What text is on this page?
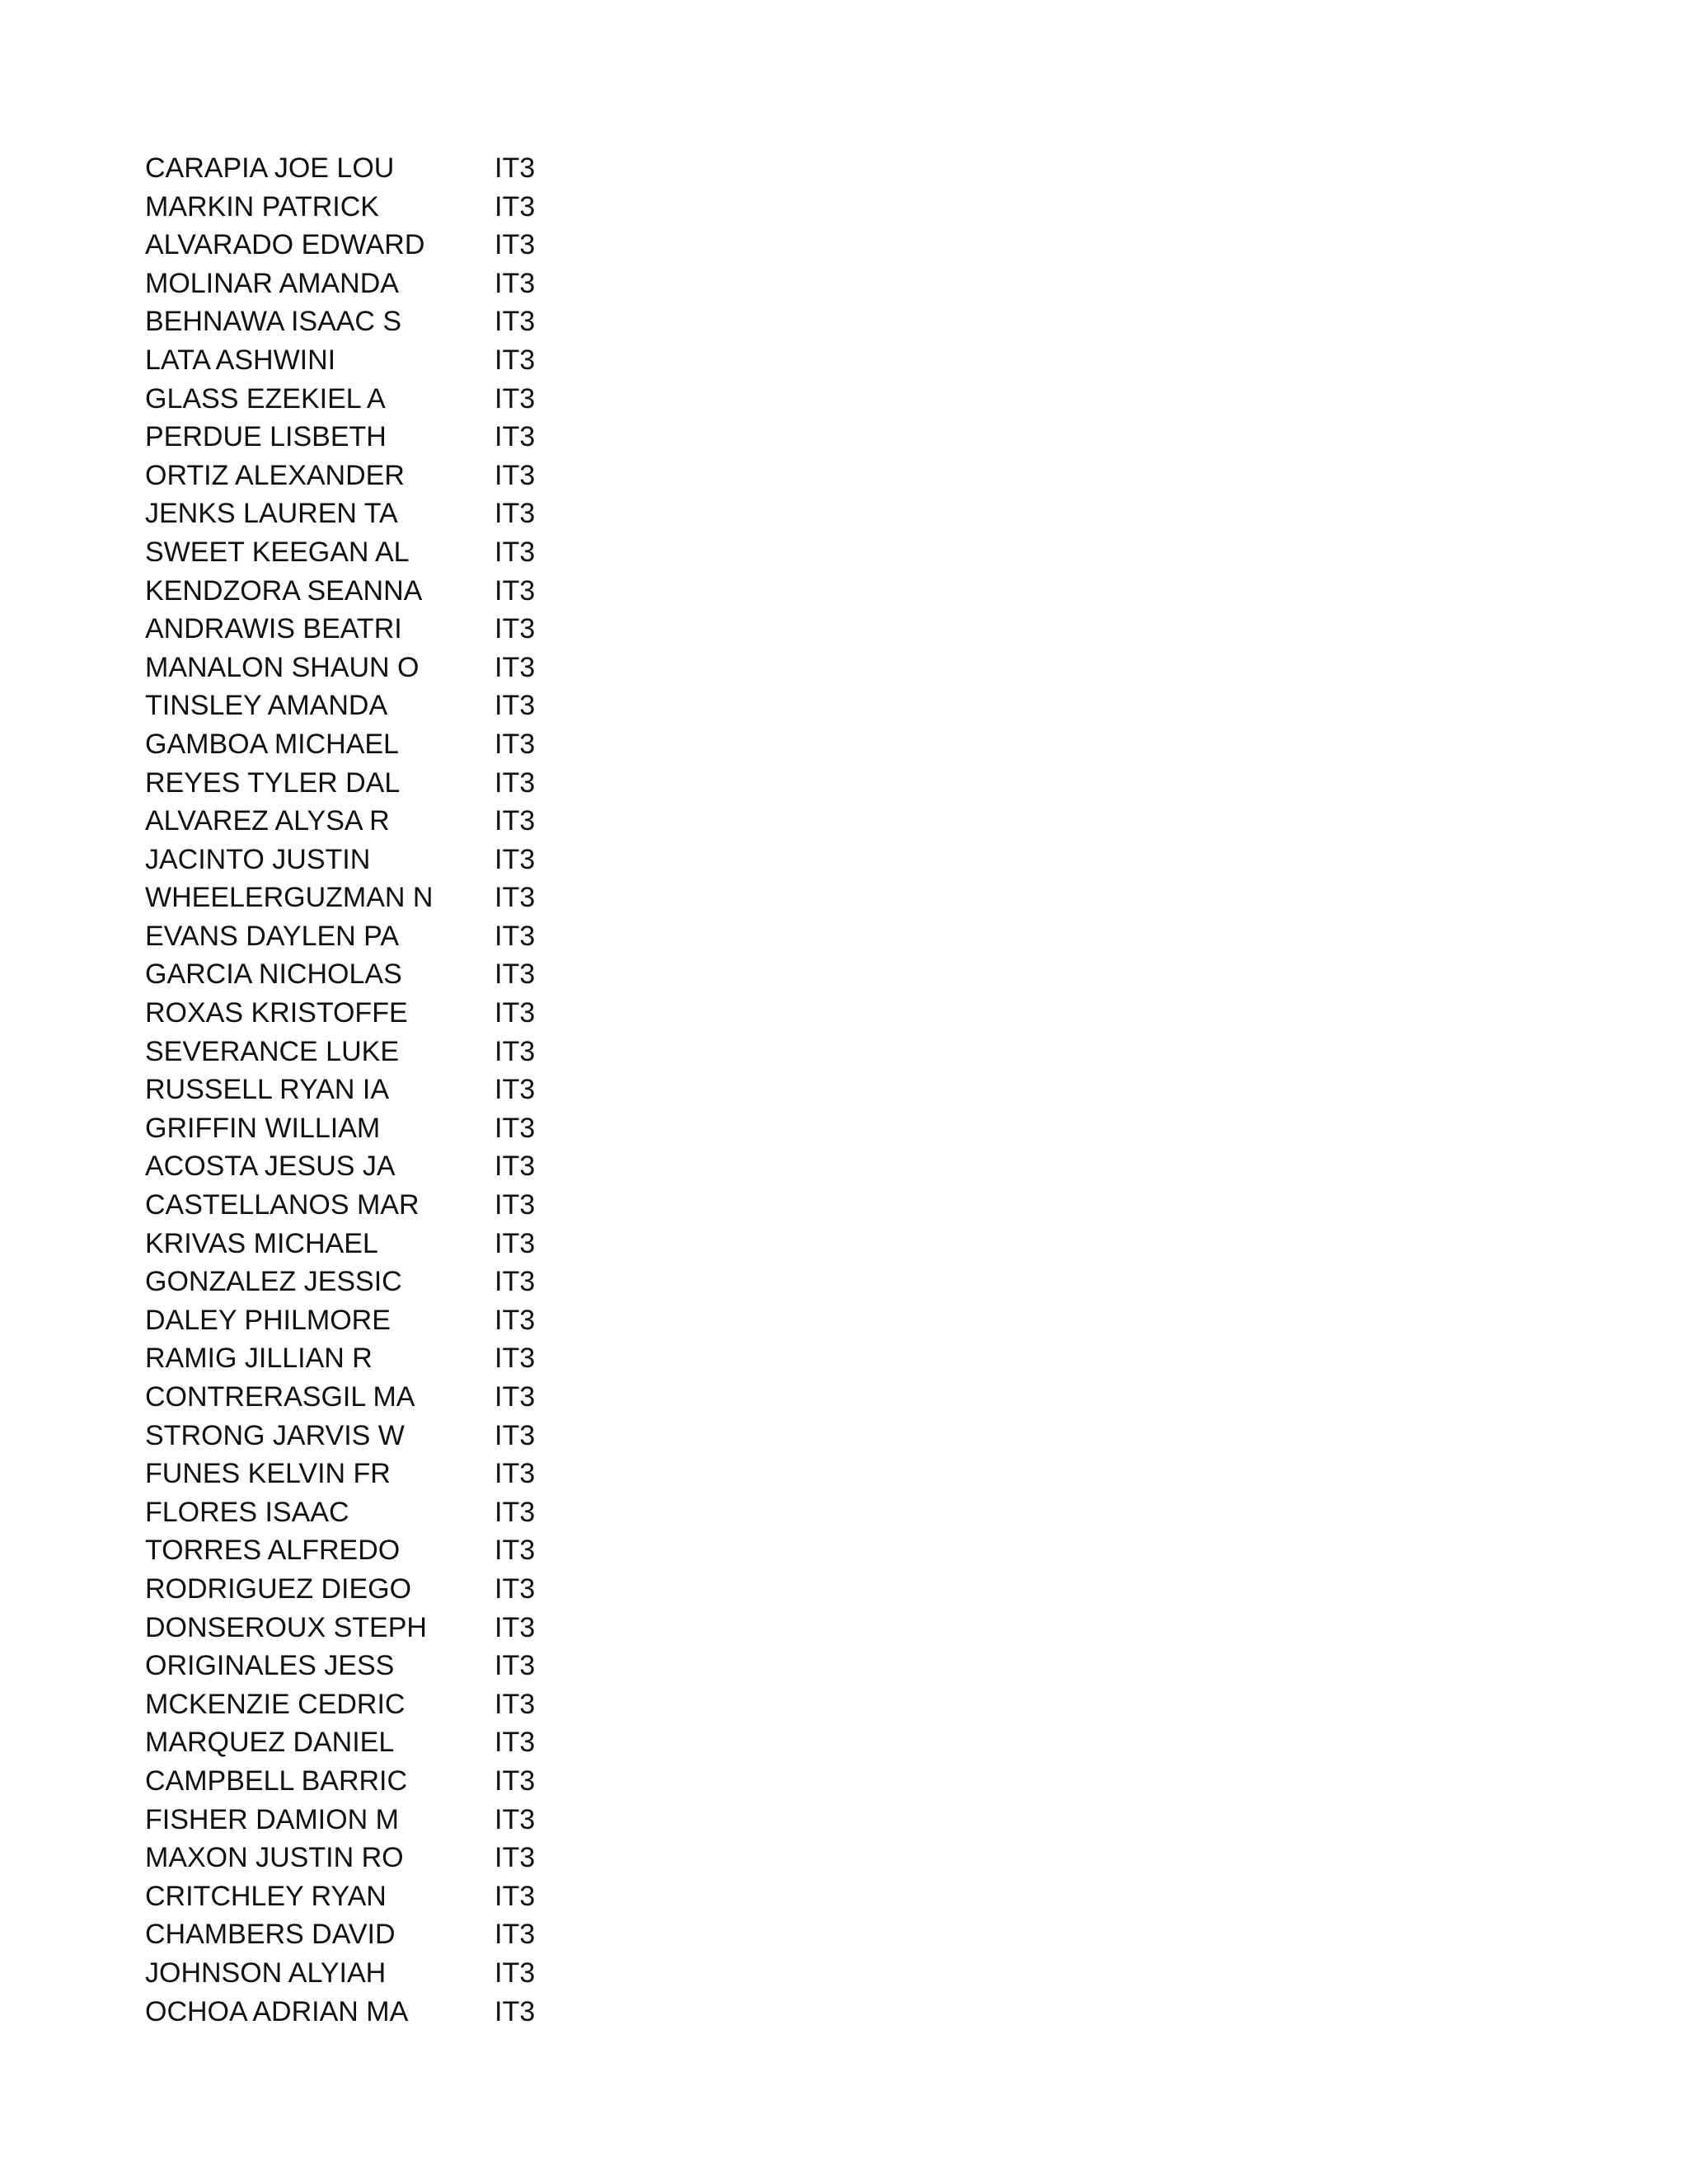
CARAPIA JOE LOU	IT3
MARKIN PATRICK	IT3
ALVARADO EDWARD IT3
MOLINAR AMANDA	IT3
BEHNAWA ISAAC S	IT3
LATA ASHWINI	IT3
GLASS EZEKIEL A	IT3
PERDUE LISBETH	IT3
ORTIZ ALEXANDER	IT3
JENKS LAUREN TA	IT3
SWEET KEEGAN AL	IT3
KENDZORA SEANNA	IT3
ANDRAWIS BEATRI	IT3
MANALON SHAUN O	IT3
TINSLEY AMANDA	IT3
GAMBOA MICHAEL	IT3
REYES TYLER DAL	IT3
ALVAREZ ALYSA R	IT3
JACINTO JUSTIN	IT3
WHEELERGUZMAN N IT3
EVANS DAYLEN PA	IT3
GARCIA NICHOLAS	IT3
ROXAS KRISTOFFE	IT3
SEVERANCE LUKE	IT3
RUSSELL RYAN IA	IT3
GRIFFIN WILLIAM	IT3
ACOSTA JESUS JA	IT3
CASTELLANOS MAR	IT3
KRIVAS MICHAEL	IT3
GONZALEZ JESSIC	IT3
DALEY PHILMORE	IT3
RAMIG JILLIAN R	IT3
CONTRERASGIL MA	IT3
STRONG JARVIS W	IT3
FUNES KELVIN FR	IT3
FLORES ISAAC	IT3
TORRES ALFREDO	IT3
RODRIGUEZ DIEGO	IT3
DONSEROUX STEPH IT3
ORIGINALES JESS	IT3
MCKENZIE CEDRIC	IT3
MARQUEZ DANIEL	IT3
CAMPBELL BARRIC	IT3
FISHER DAMION M	IT3
MAXON JUSTIN RO	IT3
CRITCHLEY RYAN	IT3
CHAMBERS DAVID	IT3
JOHNSON ALYIAH	IT3
OCHOA ADRIAN MA	IT3
